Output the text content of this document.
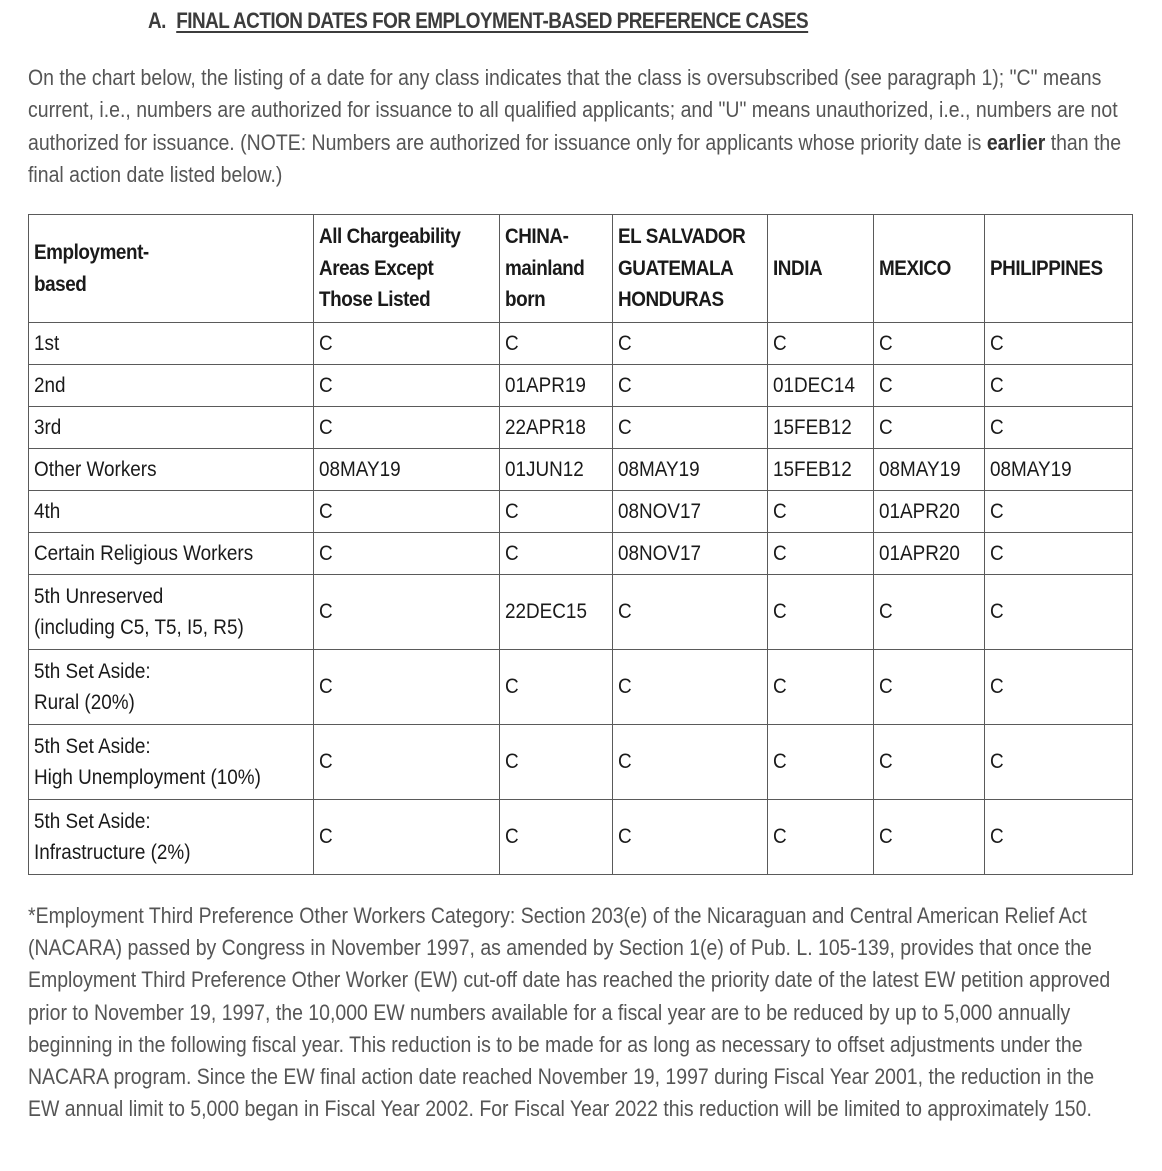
A. FINAL ACTION DATES FOR EMPLOYMENT-BASED PREFERENCE CASES

On the chart below, the listing of a date for any class indicates that the class is oversubscribed (see paragraph 1); "C" means current, i.e., numbers are authorized for issuance to all qualified applicants; and "U" means unauthorized, i.e., numbers are not authorized for issuance. (NOTE: Numbers are authorized for issuance only for applicants whose priority date is earlier than the final action date listed below.)

Employment-
based	All Chargeability
Areas Except
Those Listed	CHINA-
mainland
born	EL SALVADOR
GUATEMALA
HONDURAS	INDIA	MEXICO	PHILIPPINES

1st	C	C	C	C	C	C

2nd	C	01APR19	C	01DEC14	C	C

3rd	C	22APR18	C	15FEB12	C	C

Other Workers	08MAY19	01JUN12	08MAY19	15FEB12	08MAY19	08MAY19

4th	C	C	08NOV17	C	01APR20	C

Certain Religious Workers	C	C	08NOV17	C	01APR20	C

5th Unreserved
(including C5, T5, I5, R5)	C	22DEC15	C	C	C	C

5th Set Aside:
Rural (20%)	C	C	C	C	C	C

5th Set Aside:
High Unemployment (10%)	C	C	C	C	C	C

5th Set Aside:
Infrastructure (2%)	C	C	C	C	C	C

*Employment Third Preference Other Workers Category: Section 203(e) of the Nicaraguan and Central American Relief Act (NACARA) passed by Congress in November 1997, as amended by Section 1(e) of Pub. L. 105-139, provides that once the Employment Third Preference Other Worker (EW) cut-off date has reached the priority date of the latest EW petition approved prior to November 19, 1997, the 10,000 EW numbers available for a fiscal year are to be reduced by up to 5,000 annually beginning in the following fiscal year. This reduction is to be made for as long as necessary to offset adjustments under the NACARA program. Since the EW final action date reached November 19, 1997 during Fiscal Year 2001, the reduction in the EW annual limit to 5,000 began in Fiscal Year 2002. For Fiscal Year 2022 this reduction will be limited to approximately 150.
